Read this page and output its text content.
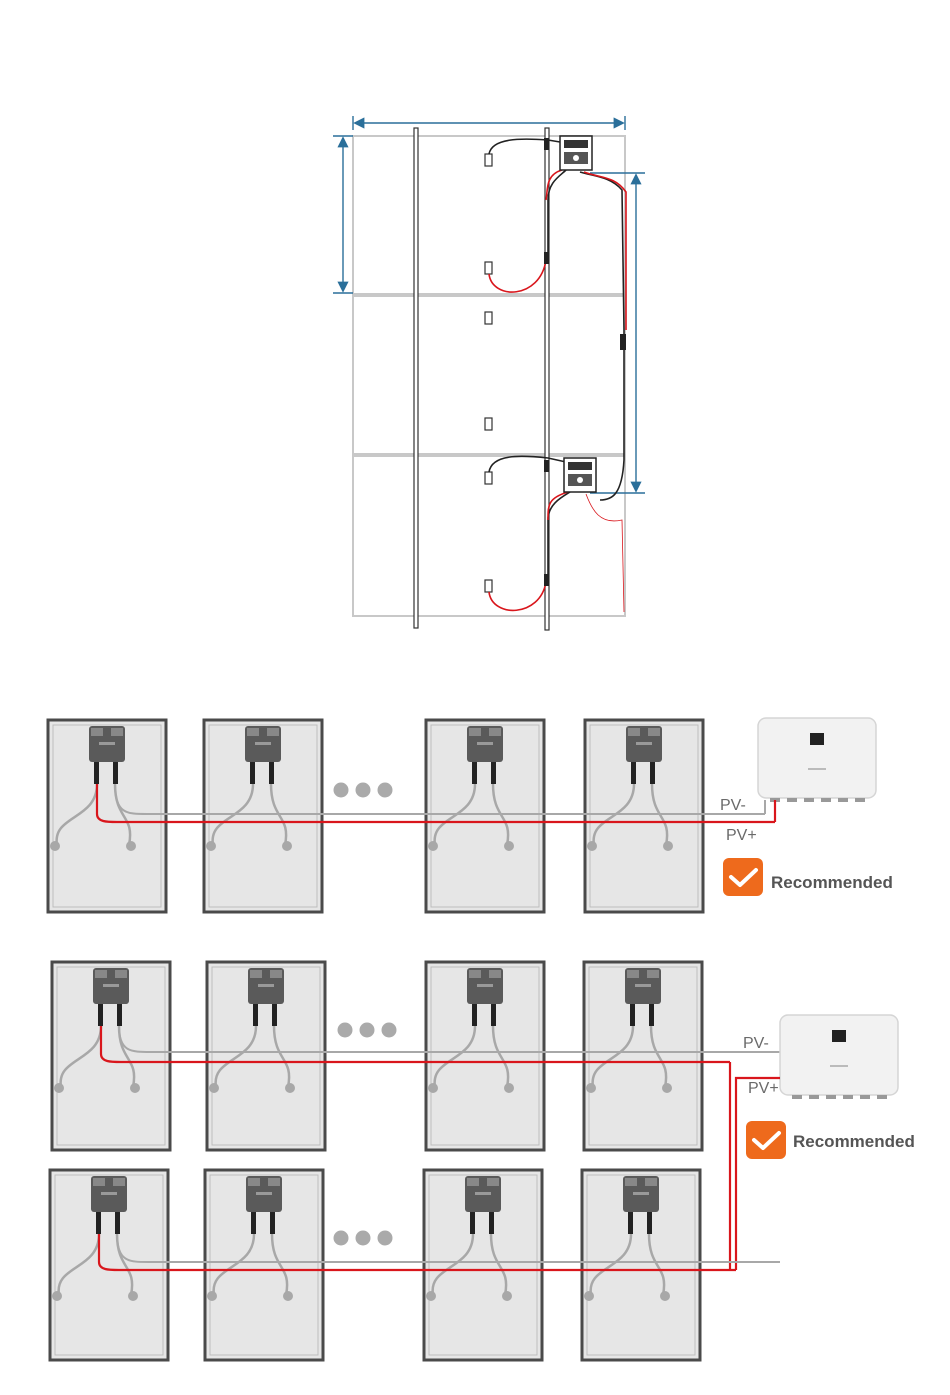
PV-
PV+
Recommended
PV-
PV+
Recommended
